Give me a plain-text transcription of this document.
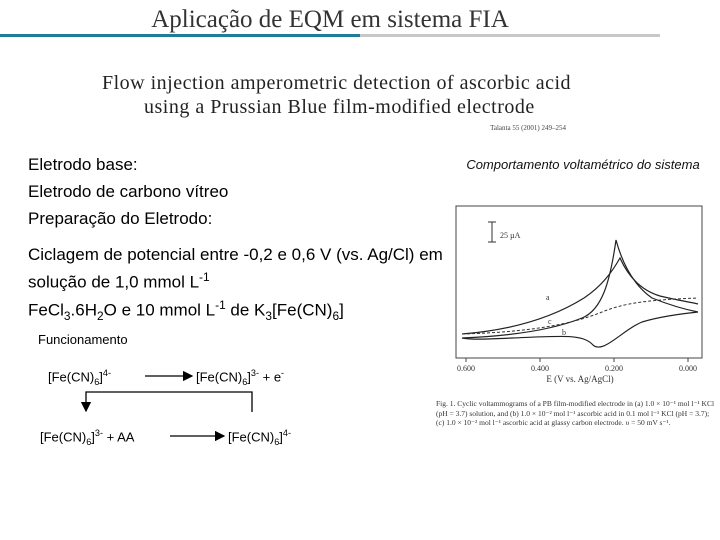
Aplicação de EQM em sistema FIA
Flow injection amperometric detection of ascorbic acid
using a Prussian Blue film-modified electrode
Talanta 55 (2001) 249–254
Eletrodo base:
Eletrodo de carbono vítreo
Preparação do Eletrodo:
Ciclagem de potencial entre -0,2 e 0,6 V (vs. Ag/Cl) em solução de 1,0 mmol $L^{-1}$
$FeCl_3.6H_2O$ e 10 mmol $L^{-1}$ de $K_3[Fe(CN)_6]$
Funcionamento
$[Fe(CN)_6]^{4-}$	$[Fe(CN)_6]^{3-} + e^-$
$[Fe(CN)_6]^{3-}$ + AA	$[Fe(CN)_6]^{4-}$
Comportamento voltamétrico do sistema
25 µA
a
b
c
0.600	0.400	0.200	0.000
E (V vs. Ag/AgCl)
Fig. 1. Cyclic voltammograms of a PB film-modified electrode in (a) 1.0 × 10⁻¹ mol l⁻¹ KCl (pH = 3.7) solution, and (b) 1.0 × 10⁻² mol l⁻¹ ascorbic acid in 0.1 mol l⁻¹ KCl (pH = 3.7); (c) 1.0 × 10⁻² mol l⁻¹ ascorbic acid at glassy carbon electrode. υ = 50 mV s⁻¹.
